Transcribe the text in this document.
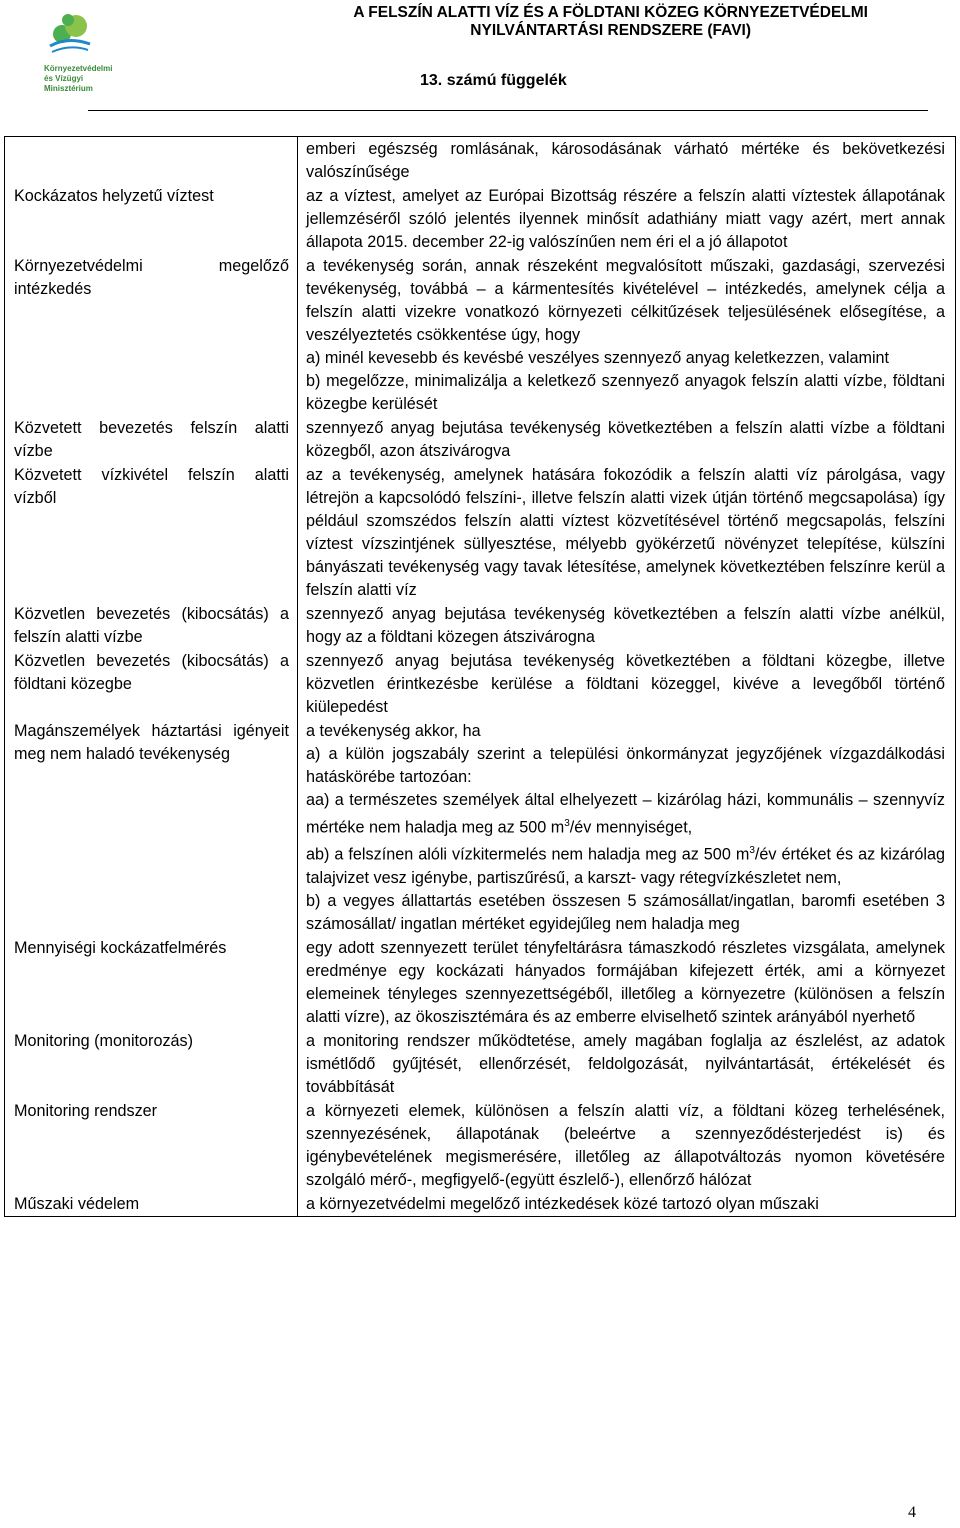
Környezetvédelmi
és Vízügyi
Minisztérium
A FELSZÍN ALATTI VÍZ ÉS A FÖLDTANI KÖZEG KÖRNYEZETVÉDELMI
NYILVÁNTARTÁSI RENDSZERE (FAVI)
13. számú függelék

	emberi egészség romlásának, károsodásának várható mértéke és bekövetkezési valószínűsége

Kockázatos helyzetű víztest	az a víztest, amelyet az Európai Bizottság részére a felszín alatti víztestek állapotának jellemzéséről szóló jelentés ilyennek minősít adathiány miatt vagy azért, mert annak állapota 2015. december 22-ig valószínűen nem éri el a jó állapotot

Környezetvédelmi megelőző intézkedés	a tevékenység során, annak részeként megvalósított műszaki, gazdasági, szervezési tevékenység, továbbá – a kármentesítés kivételével – intézkedés, amelynek célja a felszín alatti vizekre vonatkozó környezeti célkitűzések teljesülésének elősegítése, a veszélyeztetés csökkentése úgy, hogy

a) minél kevesebb és kevésbé veszélyes szennyező anyag keletkezzen, valamint

b) megelőzze, minimalizálja a keletkező szennyező anyagok felszín alatti vízbe, földtani közegbe kerülését

Közvetett bevezetés felszín alatti vízbe	szennyező anyag bejutása tevékenység következtében a felszín alatti vízbe a földtani közegből, azon átszivárogva

Közvetett vízkivétel felszín alatti vízből	az a tevékenység, amelynek hatására fokozódik a felszín alatti víz párolgása, vagy létrejön a kapcsolódó felszíni-, illetve felszín alatti vizek útján történő megcsapolása) így például szomszédos felszín alatti víztest közvetítésével történő megcsapolás, felszíni víztest vízszintjének süllyesztése, mélyebb gyökérzetű növényzet telepítése, külszíni bányászati tevékenység vagy tavak létesítése, amelynek következtében felszínre kerül a felszín alatti víz

Közvetlen bevezetés (kibocsátás) a felszín alatti vízbe	szennyező anyag bejutása tevékenység következtében a felszín alatti vízbe anélkül, hogy az a földtani közegen átszivárogna

Közvetlen bevezetés (kibocsátás) a földtani közegbe	szennyező anyag bejutása tevékenység következtében a földtani közegbe, illetve közvetlen érintkezésbe kerülése a földtani közeggel, kivéve a levegőből történő kiülepedést

Magánszemélyek háztartási igényeit meg nem haladó tevékenység	a tevékenység akkor, ha

a) a külön jogszabály szerint a települési önkormányzat jegyzőjének vízgazdálkodási hatáskörébe tartozóan:

aa) a természetes személyek által elhelyezett – kizárólag házi, kommunális – szennyvíz mértéke nem haladja meg az 500 $m^3/év$ mennyiséget,

ab) a felszínen alóli vízkitermelés nem haladja meg az 500 $m^3/év$ értéket és az kizárólag talajvizet vesz igénybe, partiszűrésű, a karszt- vagy rétegvízkészletet nem,

b) a vegyes állattartás esetében összesen 5 számosállat/ingatlan, baromfi esetében 3 számosállat/ ingatlan mértéket egyidejűleg nem haladja meg

Mennyiségi kockázatfelmérés	egy adott szennyezett terület tényfeltárásra támaszkodó részletes vizsgálata, amelynek eredménye egy kockázati hányados formájában kifejezett érték, ami a környezet elemeinek tényleges szennyezettségéből, illetőleg a környezetre (különösen a felszín alatti vízre), az ökoszisztémára és az emberre elviselhető szintek arányából nyerhető

Monitoring (monitorozás)	a monitoring rendszer működtetése, amely magában foglalja az észlelést, az adatok ismétlődő gyűjtését, ellenőrzését, feldolgozását, nyilvántartását, értékelését és továbbítását

Monitoring rendszer	a környezeti elemek, különösen a felszín alatti víz, a földtani közeg terhelésének, szennyezésének, állapotának (beleértve a szennyeződésterjedést is) és igénybevételének megismerésére, illetőleg az állapotváltozás nyomon követésére szolgáló mérő-, megfigyelő-(együtt észlelő-), ellenőrző hálózat

Műszaki védelem	a környezetvédelmi megelőző intézkedések közé tartozó olyan műszaki

4
